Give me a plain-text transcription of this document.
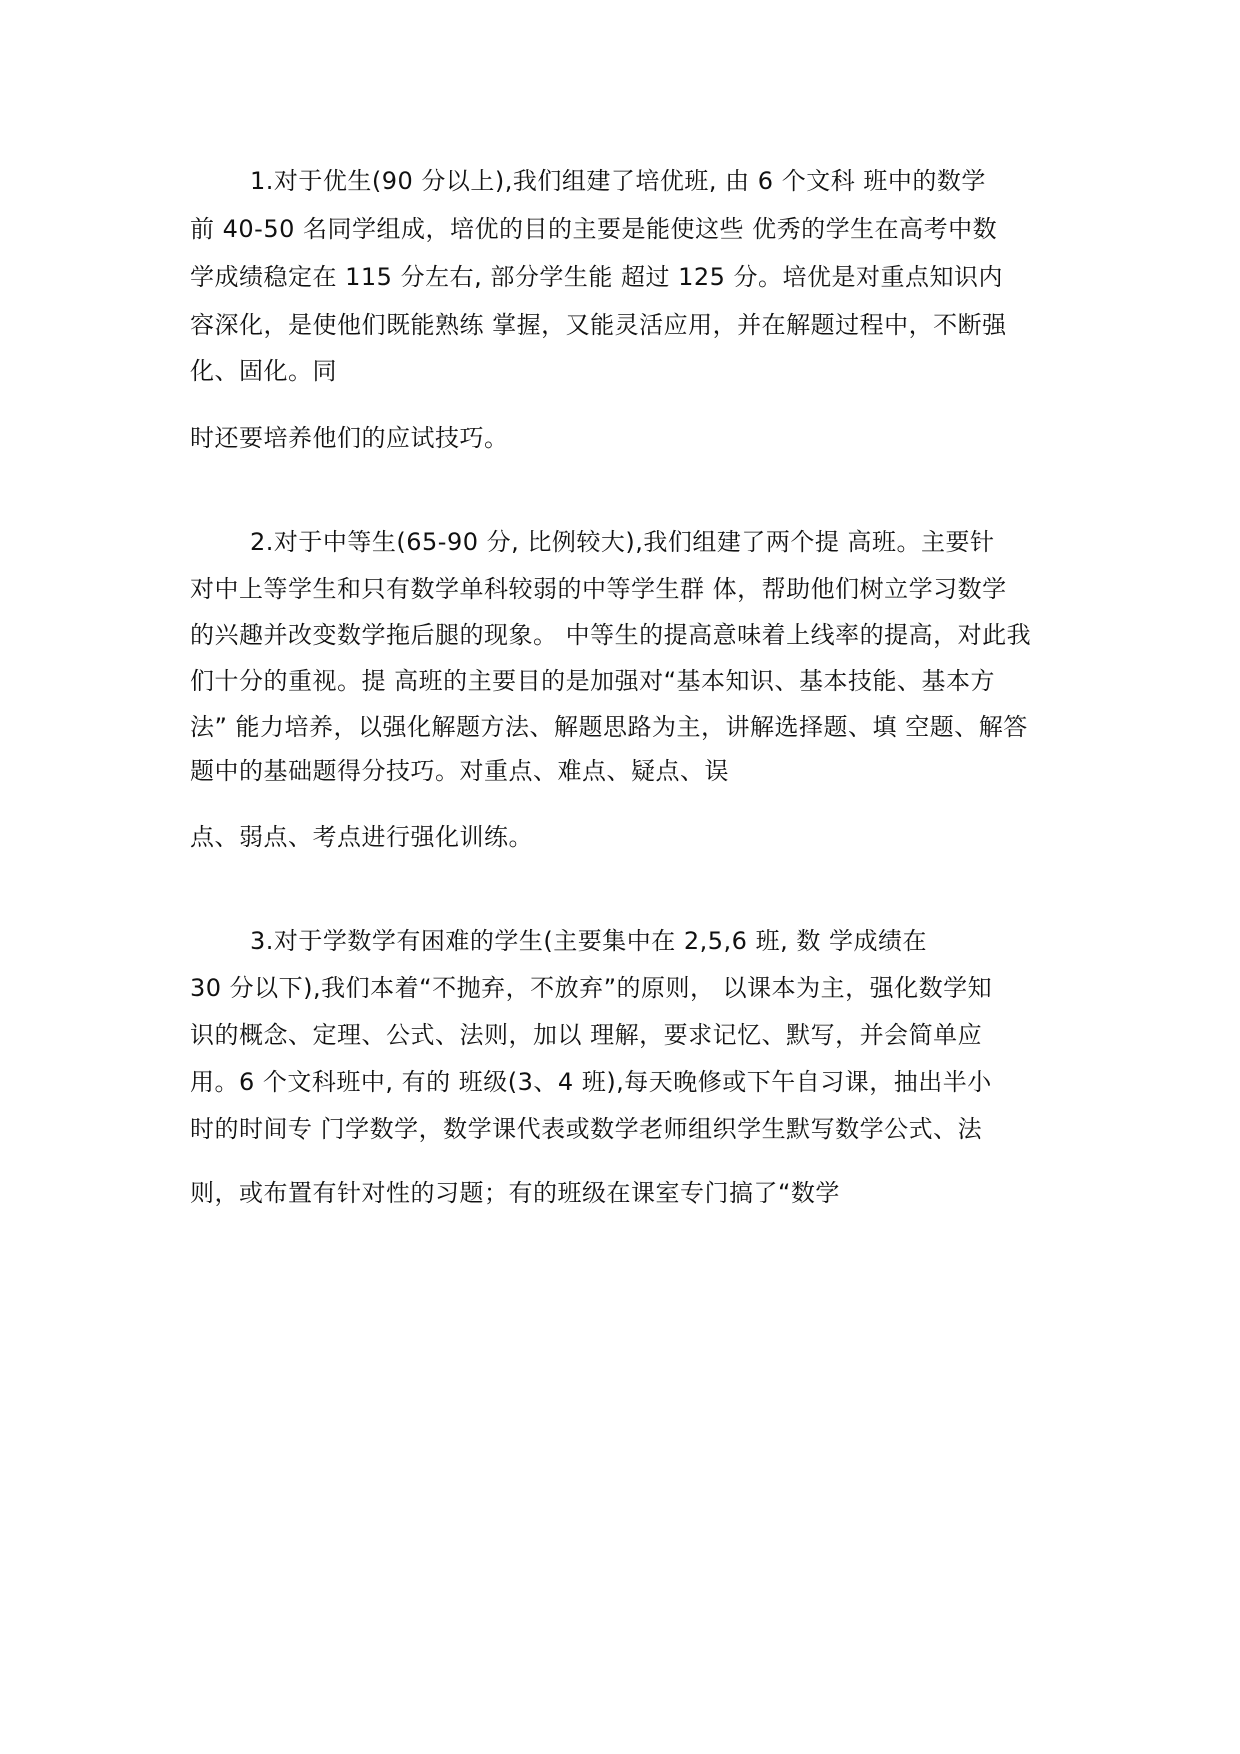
1.对于优生(90 分以上),我们组建了培优班, 由 6 个文科 班中的数学
前 40-50 名同学组成，培优的目的主要是能使这些 优秀的学生在高考中数
学成绩稳定在 115 分左右, 部分学生能 超过 125 分。培优是对重点知识内
容深化，是使他们既能熟练 掌握，又能灵活应用，并在解题过程中，不断强
化、固化。同
时还要培养他们的应试技巧。
2.对于中等生(65-90 分, 比例较大),我们组建了两个提 高班。主要针
对中上等学生和只有数学单科较弱的中等学生群 体，帮助他们树立学习数学
的兴趣并改变数学拖后腿的现象。 中等生的提高意味着上线率的提高，对此我
们十分的重视。提 高班的主要目的是加强对“基本知识、基本技能、基本方
法” 能力培养，以强化解题方法、解题思路为主，讲解选择题、填 空题、解答
题中的基础题得分技巧。对重点、难点、疑点、误
点、弱点、考点进行强化训练。
3.对于学数学有困难的学生(主要集中在 2,5,6 班, 数 学成绩在
30 分以下),我们本着“不抛弃，不放弃”的原则， 以课本为主，强化数学知
识的概念、定理、公式、法则，加以 理解，要求记忆、默写，并会简单应
用。6 个文科班中, 有的 班级(3、4 班),每天晚修或下午自习课，抽出半小
时的时间专 门学数学，数学课代表或数学老师组织学生默写数学公式、法
则，或布置有针对性的习题；有的班级在课室专门搞了“数学
